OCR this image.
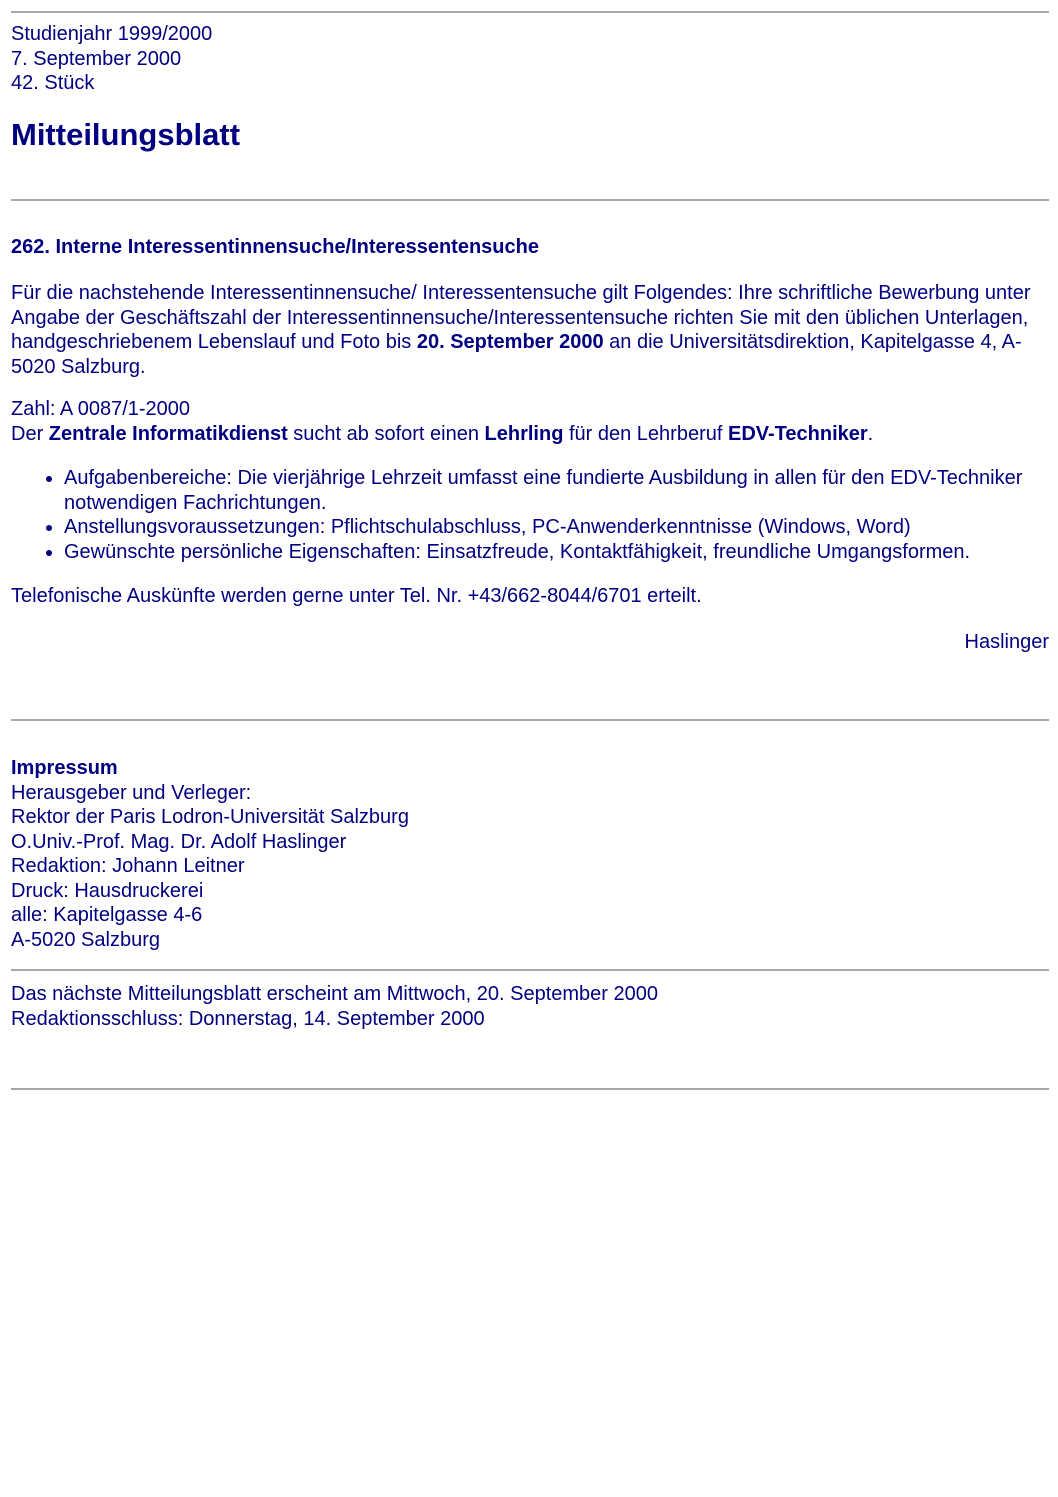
Studienjahr 1999/2000

7. September 2000

42. Stück

Mitteilungsblatt
262. Interne Interessentinnensuche/Interessentensuche

Für die nachstehende Interessentinnensuche/ Interessentensuche gilt Folgendes: Ihre schriftliche Bewerbung unter Angabe der Geschäftszahl der Interessentinnensuche/Interessentensuche richten Sie mit den üblichen Unterlagen, handgeschriebenem Lebenslauf und Foto bis 20. September 2000 an die Universitätsdirektion, Kapitelgasse 4, A-5020 Salzburg.

Zahl: A 0087/1-2000

Der Zentrale Informatikdienst sucht ab sofort einen Lehrling für den Lehrberuf EDV-Techniker.

• Aufgabenbereiche: Die vierjährige Lehrzeit umfasst eine fundierte Ausbildung in allen für den EDV-Techniker notwendigen Fachrichtungen.
• Anstellungsvoraussetzungen: Pflichtschulabschluss, PC-Anwenderkenntnisse (Windows, Word)
• Gewünschte persönliche Eigenschaften: Einsatzfreude, Kontaktfähigkeit, freundliche Umgangsformen.

Telefonische Auskünfte werden gerne unter Tel. Nr. +43/662-8044/6701 erteilt.

Haslinger

Impressum

Herausgeber und Verleger:

Rektor der Paris Lodron-Universität Salzburg

O.Univ.-Prof. Mag. Dr. Adolf Haslinger

Redaktion: Johann Leitner

Druck: Hausdruckerei

alle: Kapitelgasse 4-6

A-5020 Salzburg

Das nächste Mitteilungsblatt erscheint am Mittwoch, 20. September 2000

Redaktionsschluss: Donnerstag, 14. September 2000
